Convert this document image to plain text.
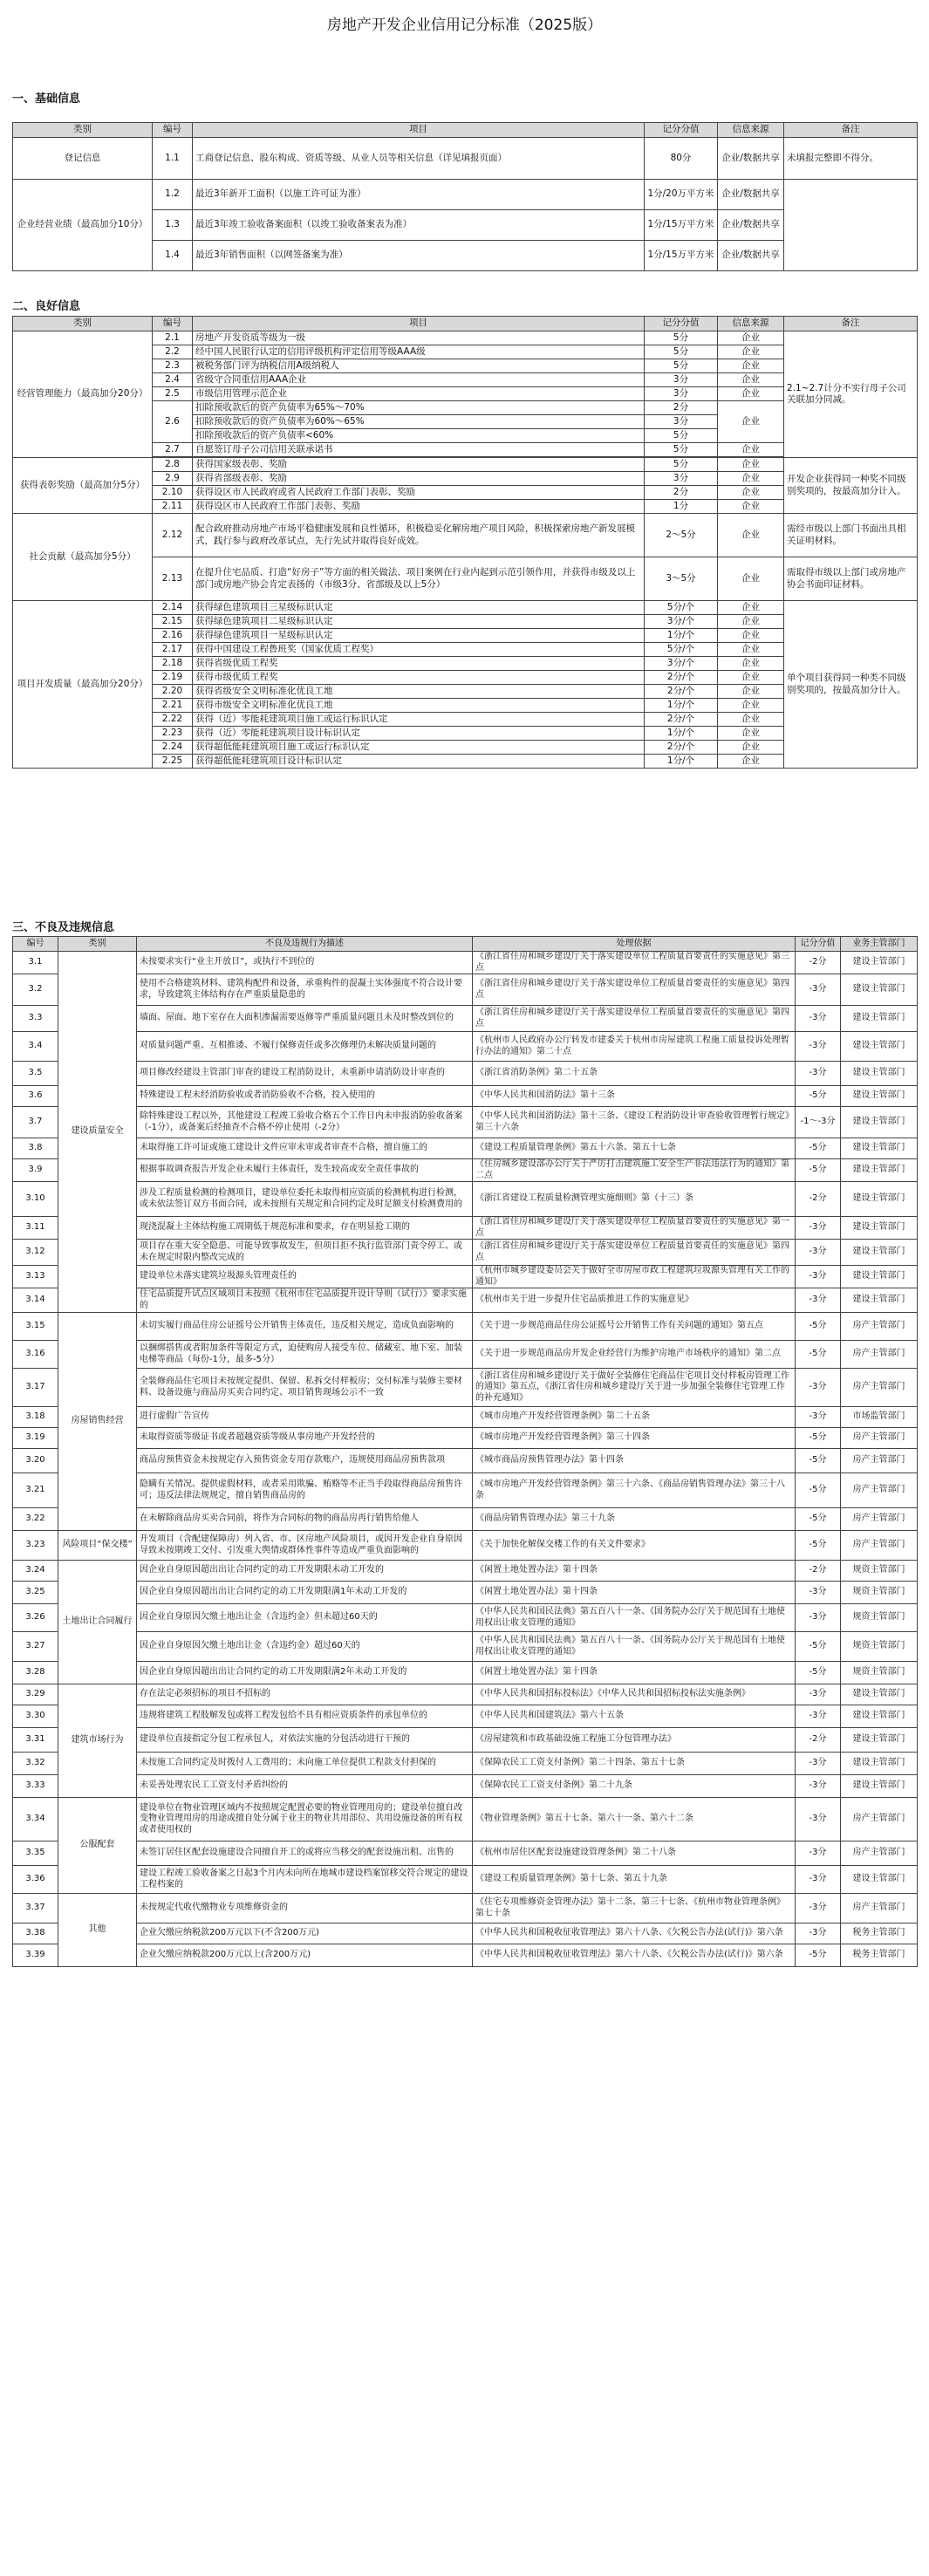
房地产开发企业信用记分标准（2025版）
一、基础信息
类别	编号	项目	记分分值	信息来源	备注
登记信息	1.1	工商登记信息、股东构成、资质等级、从业人员等相关信息（详见填报页面）	80分	企业/数据共享	未填报完整即不得分。
企业经营业绩（最高加分10分）	1.2	最近3年新开工面积（以施工许可证为准）	1分/20万平方米	企业/数据共享	
	1.3	最近3年竣工验收备案面积（以竣工验收备案表为准）	1分/15万平方米	企业/数据共享	
	1.4	最近3年销售面积（以网签备案为准）	1分/15万平方米	企业/数据共享	
二、良好信息
类别	编号	项目	记分分值	信息来源	备注
经营管理能力（最高加分20分）	2.1	房地产开发资质等级为一级	5分	企业	2.1~2.7计分不实行母子公司关联加分同减。
	2.2	经中国人民银行认定的信用评级机构评定信用等级AAA级	5分	企业	
	2.3	被税务部门评为纳税信用A级纳税人	5分	企业	
	2.4	省级守合同重信用AAA企业	3分	企业	
	2.5	市级信用管理示范企业	3分	企业	
	2.6	扣除预收款后的资产负债率为65%～70%	2分	企业	
		扣除预收款后的资产负债率为60%～65%	3分		
		扣除预收款后的资产负债率<60%	5分		
	2.7	自愿签订母子公司信用关联承诺书	5分	企业	

获得表彰奖励（最高加分5分）	2.8	获得国家级表彰、奖励	5分	企业	开发企业获得同一种奖不同级别奖项的，按最高加分计入。
	2.9	获得省部级表彰、奖励	3分	企业	
	2.10	获得设区市人民政府或省人民政府工作部门表彰、奖励	2分	企业	
	2.11	获得设区市人民政府工作部门表彰、奖励	1分	企业	
社会贡献（最高加分5分）	2.12	配合政府推动房地产市场平稳健康发展和良性循环，积极稳妥化解房地产项目风险，积极探索房地产新发展模式，践行参与政府改革试点，先行先试并取得良好成效。	2～5分	企业	需经市级以上部门书面出具相关证明材料。
	2.13	在提升住宅品质、打造“好房子”等方面的相关做法、项目案例在行业内起到示范引领作用，并获得市级及以上部门或房地产协会肯定表扬的（市级3分、省部级及以上5分）	3～5分	企业	需取得市级以上部门或房地产协会书面印证材料。
项目开发质量（最高加分20分）	2.14	获得绿色建筑项目三星级标识认定	5分/个	企业	单个项目获得同一种类不同级别奖项的，按最高加分计入。
	2.15	获得绿色建筑项目二星级标识认定	3分/个	企业	
	2.16	获得绿色建筑项目一星级标识认定	1分/个	企业	
	2.17	获得中国建设工程鲁班奖（国家优质工程奖）	5分/个	企业	
	2.18	获得省级优质工程奖	3分/个	企业	
	2.19	获得市级优质工程奖	2分/个	企业	
	2.20	获得省级安全文明标准化优良工地	2分/个	企业	
	2.21	获得市级安全文明标准化优良工地	1分/个	企业	
	2.22	获得（近）零能耗建筑项目施工或运行标识认定	2分/个	企业	
	2.23	获得（近）零能耗建筑项目设计标识认定	1分/个	企业	
	2.24	获得超低能耗建筑项目施工或运行标识认定	2分/个	企业	
	2.25	获得超低能耗建筑项目设计标识认定	1分/个	企业	
三、不良及违规信息
编号	类别	不良及违规行为描述	处理依据	记分分值	业务主管部门
3.1	建设质量安全	未按要求实行“业主开放日”，或执行不到位的	《浙江省住房和城乡建设厅关于落实建设单位工程质量首要责任的实施意见》第三点	-2分	建设主管部门
3.2		使用不合格建筑材料、建筑构配件和设备，承重构件的混凝土实体强度不符合设计要求，导致建筑主体结构存在严重质量隐患的	《浙江省住房和城乡建设厅关于落实建设单位工程质量首要责任的实施意见》第四点	-3分	建设主管部门
3.3		墙面、屋面、地下室存在大面积渗漏需要返修等严重质量问题且未及时整改到位的	《浙江省住房和城乡建设厅关于落实建设单位工程质量首要责任的实施意见》第四点	-3分	建设主管部门
3.4		对质量问题严重、互相推诿、不履行保修责任或多次修理仍未解决质量问题的	《杭州市人民政府办公厅转发市建委关于杭州市房屋建筑工程施工质量投诉处理暂行办法的通知》第二十点	-3分	建设主管部门
3.5		项目修改经建设主管部门审查的建设工程消防设计，未重新申请消防设计审查的	《浙江省消防条例》第二十五条	-3分	建设主管部门
3.6		特殊建设工程未经消防验收或者消防验收不合格，投入使用的	《中华人民共和国消防法》第十三条	-5分	建设主管部门
3.7		除特殊建设工程以外，其他建设工程竣工验收合格五个工作日内未申报消防验收备案（-1分），或备案后经抽查不合格不停止使用（-2分）	《中华人民共和国消防法》第十三条、《建设工程消防设计审查验收管理暂行规定》第三十六条	-1～-3分	建设主管部门
3.8		未取得施工许可证或施工建设计文件应审未审或者审查不合格，擅自施工的	《建设工程质量管理条例》第五十六条、第五十七条	-5分	建设主管部门
3.9		根据事故调查报告开发企业未履行主体责任，发生较高或安全责任事故的	《住房城乡建设部办公厅关于严厉打击建筑施工安全生产非法违法行为的通知》第二点	-5分	建设主管部门
3.10		涉及工程质量检测的检测项目，建设单位委托未取得相应资质的检测机构进行检测，或未依法签订双方书面合同，或未按照有关规定和合同约定及时足额支付检测费用的	《浙江省建设工程质量检测管理实施细则》第（十三）条	-2分	建设主管部门
3.11		现浇混凝土主体结构施工周期低于规范标准和要求，存在明显抢工期的	《浙江省住房和城乡建设厅关于落实建设单位工程质量首要责任的实施意见》第一点	-3分	建设主管部门
3.12		项目存在重大安全隐患、可能导致事故发生，但项目拒不执行监管部门责令停工、或未在规定时限内整改完成的	《浙江省住房和城乡建设厅关于落实建设单位工程质量首要责任的实施意见》第四点	-3分	建设主管部门
3.13		建设单位未落实建筑垃圾源头管理责任的	《杭州市城乡建设委员会关于做好全市房屋市政工程建筑垃圾源头管理有关工作的通知》	-3分	建设主管部门
3.14		住宅品质提升试点区域项目未按照《杭州市住宅品质提升设计导则（试行）》要求实施的	《杭州市关于进一步提升住宅品质推进工作的实施意见》	-3分	建设主管部门
3.15	房屋销售经营	未切实履行商品住房公证摇号公开销售主体责任，违反相关规定，造成负面影响的	《关于进一步规范商品住房公证摇号公开销售工作有关问题的通知》第五点	-5分	房产主管部门
3.16		以捆绑搭售或者附加条件等限定方式，迫使购房人接受车位、储藏室、地下室、加装电梯等商品（每份-1分，最多-5分）	《关于进一步规范商品房开发企业经营行为维护房地产市场秩序的通知》第二点	-5分	房产主管部门
3.17		全装修商品住宅项目未按规定提供、保留、私拆交付样板房；交付标准与装修主要材料、设备设施与商品房买卖合同约定、项目销售现场公示不一致	《浙江省住房和城乡建设厅关于做好全装修住宅商品住宅项目交付样板房管理工作的通知》第五点，《浙江省住房和城乡建设厅关于进一步加强全装修住宅管理工作的补充通知》	-3分	房产主管部门
3.18		进行虚假广告宣传	《城市房地产开发经营管理条例》第二十五条	-3分	市场监管部门
3.19		未取得资质等级证书或者超越资质等级从事房地产开发经营的	《城市房地产开发经营管理条例》第三十四条	-5分	房产主管部门
3.20		商品房预售资金未按规定存入预售资金专用存款账户，违规使用商品房预售款项	《城市商品房预售管理办法》第十四条	-5分	房产主管部门
3.21		隐瞒有关情况、提供虚假材料，或者采用欺骗、贿赂等不正当手段取得商品房预售许可；违反法律法规规定，擅自销售商品房的	《城市房地产开发经营管理条例》第三十六条、《商品房销售管理办法》第三十八条	-5分	房产主管部门
3.22		在未解除商品房买卖合同前，将作为合同标的物的商品房再行销售给他人	《商品房销售管理办法》第三十九条	-5分	房产主管部门
3.23	风险项目“保交楼”	开发项目（含配建保障房）列入省、市、区房地产风险项目，或因开发企业自身原因导致未按期竣工交付、引发重大舆情或群体性事件等造成严重负面影响的	《关于加快化解保交楼工作的有关文件要求》	-5分	房产主管部门
3.24	土地出让合同履行	因企业自身原因超出出让合同约定的动工开发期限未动工开发的	《闲置土地处置办法》第十四条	-2分	规资主管部门
3.25		因企业自身原因超出出让合同约定的动工开发期限满1年未动工开发的	《闲置土地处置办法》第十四条	-3分	规资主管部门
3.26		因企业自身原因欠缴土地出让金（含违约金）但未超过60天的	《中华人民共和国民法典》第五百八十一条、《国务院办公厅关于规范国有土地使用权出让收支管理的通知》	-3分	规资主管部门
3.27		因企业自身原因欠缴土地出让金（含违约金）超过60天的	《中华人民共和国民法典》第五百八十一条、《国务院办公厅关于规范国有土地使用权出让收支管理的通知》	-5分	规资主管部门
3.28		因企业自身原因超出出让合同约定的动工开发期限满2年未动工开发的	《闲置土地处置办法》第十四条	-5分	规资主管部门
3.29	建筑市场行为	存在法定必须招标的项目不招标的	《中华人民共和国招标投标法》《中华人民共和国招标投标法实施条例》	-3分	建设主管部门
3.30		违规将建筑工程肢解发包或将工程发包给不具有相应资质条件的承包单位的	《中华人民共和国建筑法》第六十五条	-3分	建设主管部门
3.31		建设单位直接指定分包工程承包人，对依法实施的分包活动进行干预的	《房屋建筑和市政基础设施工程施工分包管理办法》	-2分	建设主管部门
3.32		未按施工合同约定及时拨付人工费用的；未向施工单位提供工程款支付担保的	《保障农民工工资支付条例》第二十四条、第五十七条	-3分	建设主管部门
3.33		未妥善处理农民工工资支付矛盾纠纷的	《保障农民工工资支付条例》第二十九条	-3分	建设主管部门
3.34	公服配套	建设单位在物业管理区域内不按照规定配置必要的物业管理用房的；建设单位擅自改变物业管理用房的用途或擅自处分属于业主的物业共用部位、共用设施设备的所有权或者使用权的	《物业管理条例》第五十七条、第六十一条、第六十二条	-3分	房产主管部门
3.35		未签订居住区配套设施建设合同擅自开工的或将应当移交的配套设施出租、出售的	《杭州市居住区配套设施建设管理条例》第二十八条	-3分	房产主管部门
3.36		建设工程竣工验收备案之日起3个月内未向所在地城市建设档案馆移交符合规定的建设工程档案的	《建设工程质量管理条例》第十七条、第五十九条	-3分	建设主管部门
3.37	其他	未按规定代收代缴物业专项维修资金的	《住宅专项维修资金管理办法》第十二条、第三十七条、《杭州市物业管理条例》第七十条	-3分	房产主管部门
3.38		企业欠缴应纳税款200万元以下(不含200万元)	《中华人民共和国税收征收管理法》第六十八条、《欠税公告办法(试行)》第六条	-3分	税务主管部门
3.39		企业欠缴应纳税款200万元以上(含200万元)	《中华人民共和国税收征收管理法》第六十八条、《欠税公告办法(试行)》第六条	-5分	税务主管部门
